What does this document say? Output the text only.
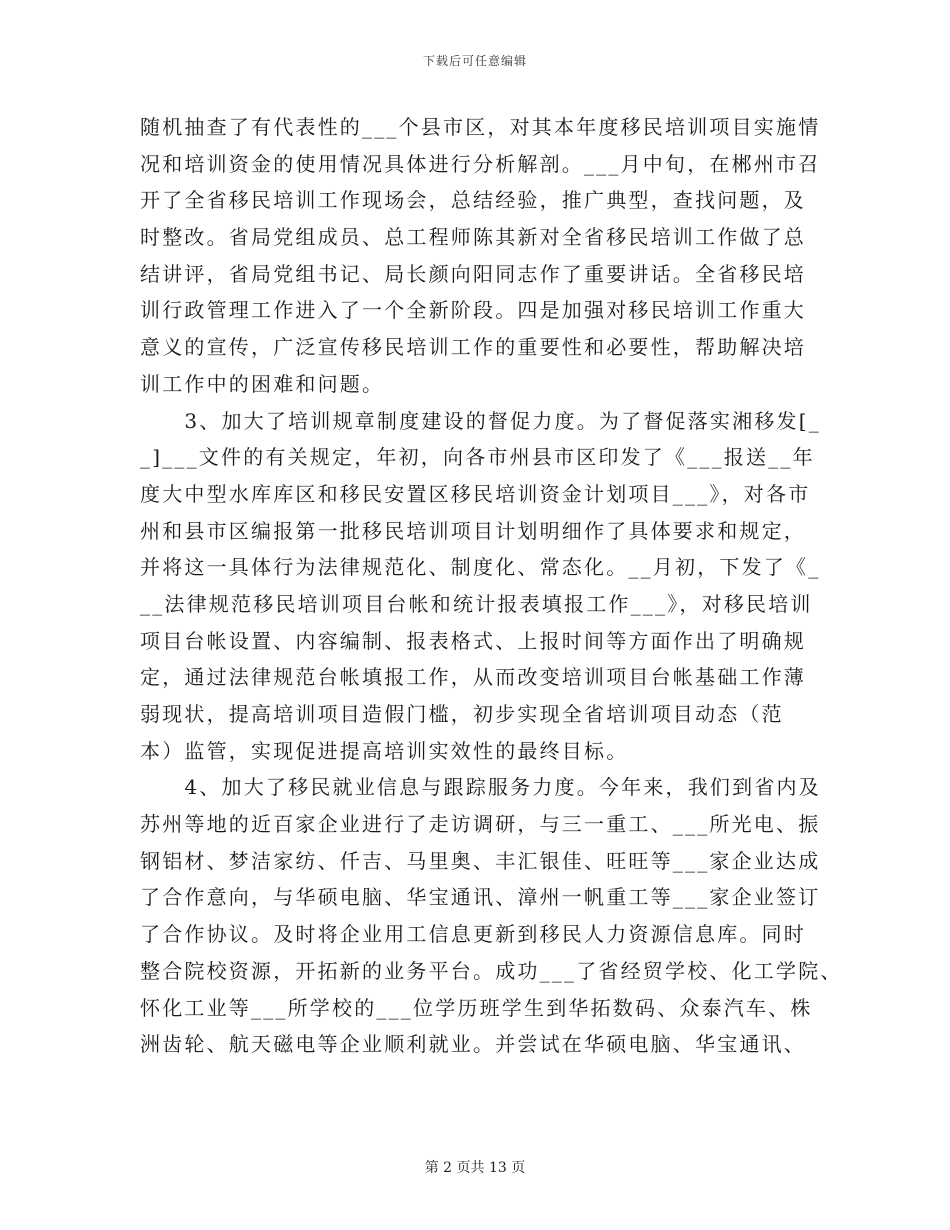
下载后可任意编辑
随机抽查了有代表性的___个县市区，对其本年度移民培训项目实施情
况和培训资金的使用情况具体进行分析解剖。___月中旬，在郴州市召
开了全省移民培训工作现场会，总结经验，推广典型，查找问题，及
时整改。省局党组成员、总工程师陈其新对全省移民培训工作做了总
结讲评，省局党组书记、局长颜向阳同志作了重要讲话。全省移民培
训行政管理工作进入了一个全新阶段。四是加强对移民培训工作重大
意义的宣传，广泛宣传移民培训工作的重要性和必要性，帮助解决培
训工作中的困难和问题。
　　3、加大了培训规章制度建设的督促力度。为了督促落实湘移发[_
_]___文件的有关规定，年初，向各市州县市区印发了《___报送__年
度大中型水库库区和移民安置区移民培训资金计划项目___》，对各市
州和县市区编报第一批移民培训项目计划明细作了具体要求和规定，
并将这一具体行为法律规范化、制度化、常态化。__月初，下发了《_
__法律规范移民培训项目台帐和统计报表填报工作___》，对移民培训
项目台帐设置、内容编制、报表格式、上报时间等方面作出了明确规
定，通过法律规范台帐填报工作，从而改变培训项目台帐基础工作薄
弱现状，提高培训项目造假门槛，初步实现全省培训项目动态（范
本）监管，实现促进提高培训实效性的最终目标。
　　4、加大了移民就业信息与跟踪服务力度。今年来，我们到省内及
苏州等地的近百家企业进行了走访调研，与三一重工、___所光电、振
钢铝材、梦洁家纺、仟吉、马里奥、丰汇银佳、旺旺等___家企业达成
了合作意向，与华硕电脑、华宝通讯、漳州一帆重工等___家企业签订
了合作协议。及时将企业用工信息更新到移民人力资源信息库。同时
整合院校资源，开拓新的业务平台。成功___了省经贸学校、化工学院、
怀化工业等___所学校的___位学历班学生到华拓数码、众泰汽车、株
洲齿轮、航天磁电等企业顺利就业。并尝试在华硕电脑、华宝通讯、
第 2 页共 13 页
